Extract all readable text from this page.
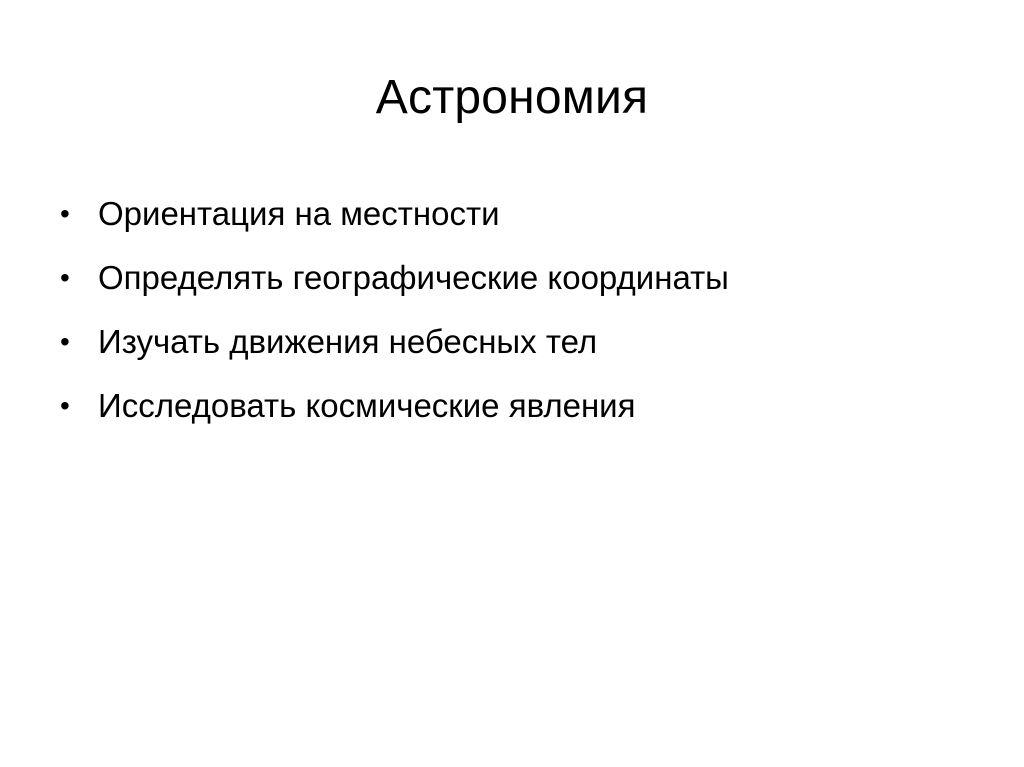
Астрономия
• Ориентация на местности
• Определять географические координаты
• Изучать движения небесных тел
• Исследовать космические явления
